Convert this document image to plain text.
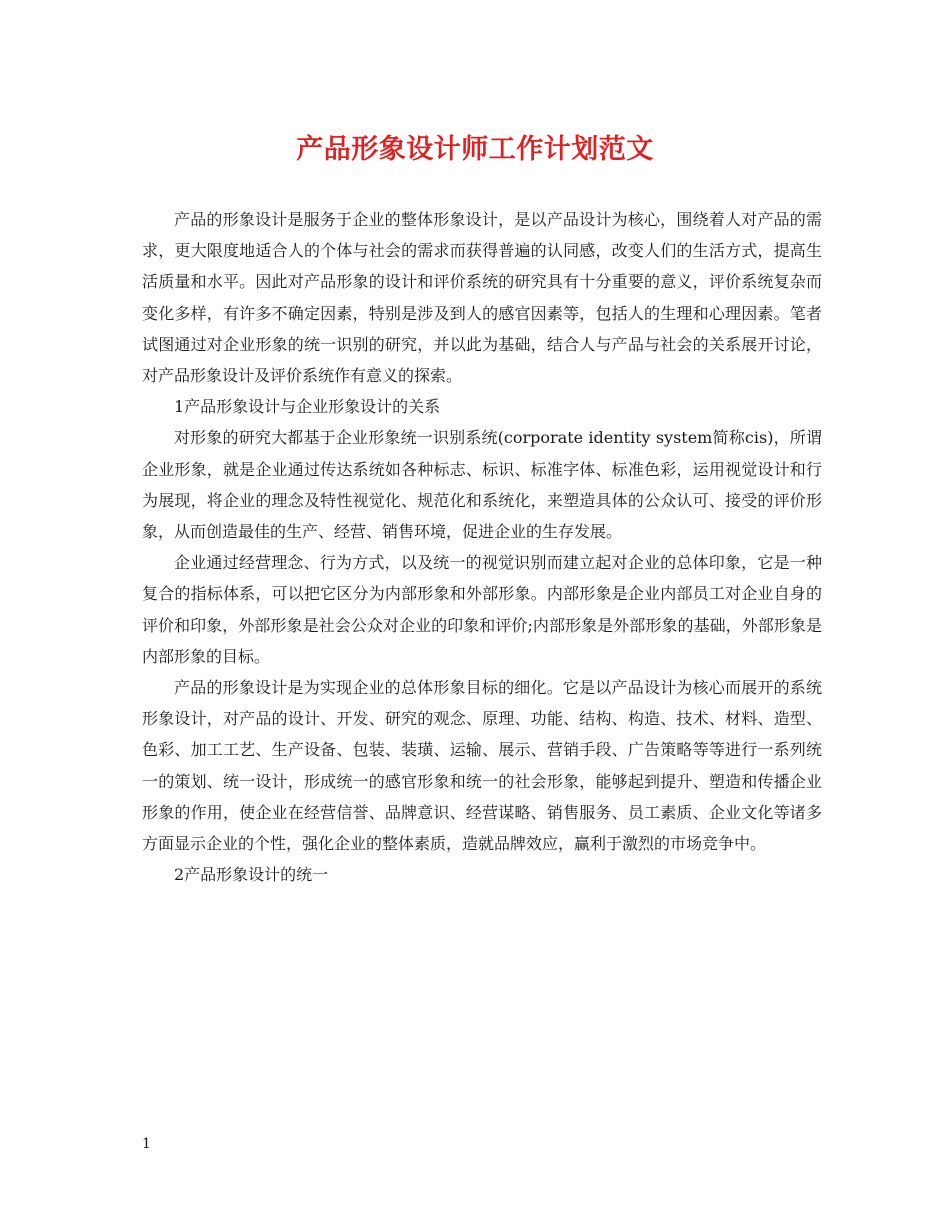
产品形象设计师工作计划范文

产品的形象设计是服务于企业的整体形象设计，是以产品设计为核心，围绕着人对产品的需求，更大限度地适合人的个体与社会的需求而获得普遍的认同感，改变人们的生活方式，提高生活质量和水平。因此对产品形象的设计和评价系统的研究具有十分重要的意义，评价系统复杂而变化多样，有许多不确定因素，特别是涉及到人的感官因素等，包括人的生理和心理因素。笔者试图通过对企业形象的统一识别的研究，并以此为基础，结合人与产品与社会的关系展开讨论，对产品形象设计及评价系统作有意义的探索。

1产品形象设计与企业形象设计的关系

对形象的研究大都基于企业形象统一识别系统(corporate identity system简称cis)，所谓企业形象，就是企业通过传达系统如各种标志、标识、标准字体、标准色彩，运用视觉设计和行为展现，将企业的理念及特性视觉化、规范化和系统化，来塑造具体的公众认可、接受的评价形象，从而创造最佳的生产、经营、销售环境，促进企业的生存发展。

企业通过经营理念、行为方式，以及统一的视觉识别而建立起对企业的总体印象，它是一种复合的指标体系，可以把它区分为内部形象和外部形象。内部形象是企业内部员工对企业自身的评价和印象，外部形象是社会公众对企业的印象和评价;内部形象是外部形象的基础，外部形象是内部形象的目标。

产品的形象设计是为实现企业的总体形象目标的细化。它是以产品设计为核心而展开的系统形象设计，对产品的设计、开发、研究的观念、原理、功能、结构、构造、技术、材料、造型、色彩、加工工艺、生产设备、包装、装璜、运输、展示、营销手段、广告策略等等进行一系列统一的策划、统一设计，形成统一的感官形象和统一的社会形象，能够起到提升、塑造和传播企业形象的作用，使企业在经营信誉、品牌意识、经营谋略、销售服务、员工素质、企业文化等诸多方面显示企业的个性，强化企业的整体素质，造就品牌效应，赢利于激烈的市场竞争中。

2产品形象设计的统一

1
